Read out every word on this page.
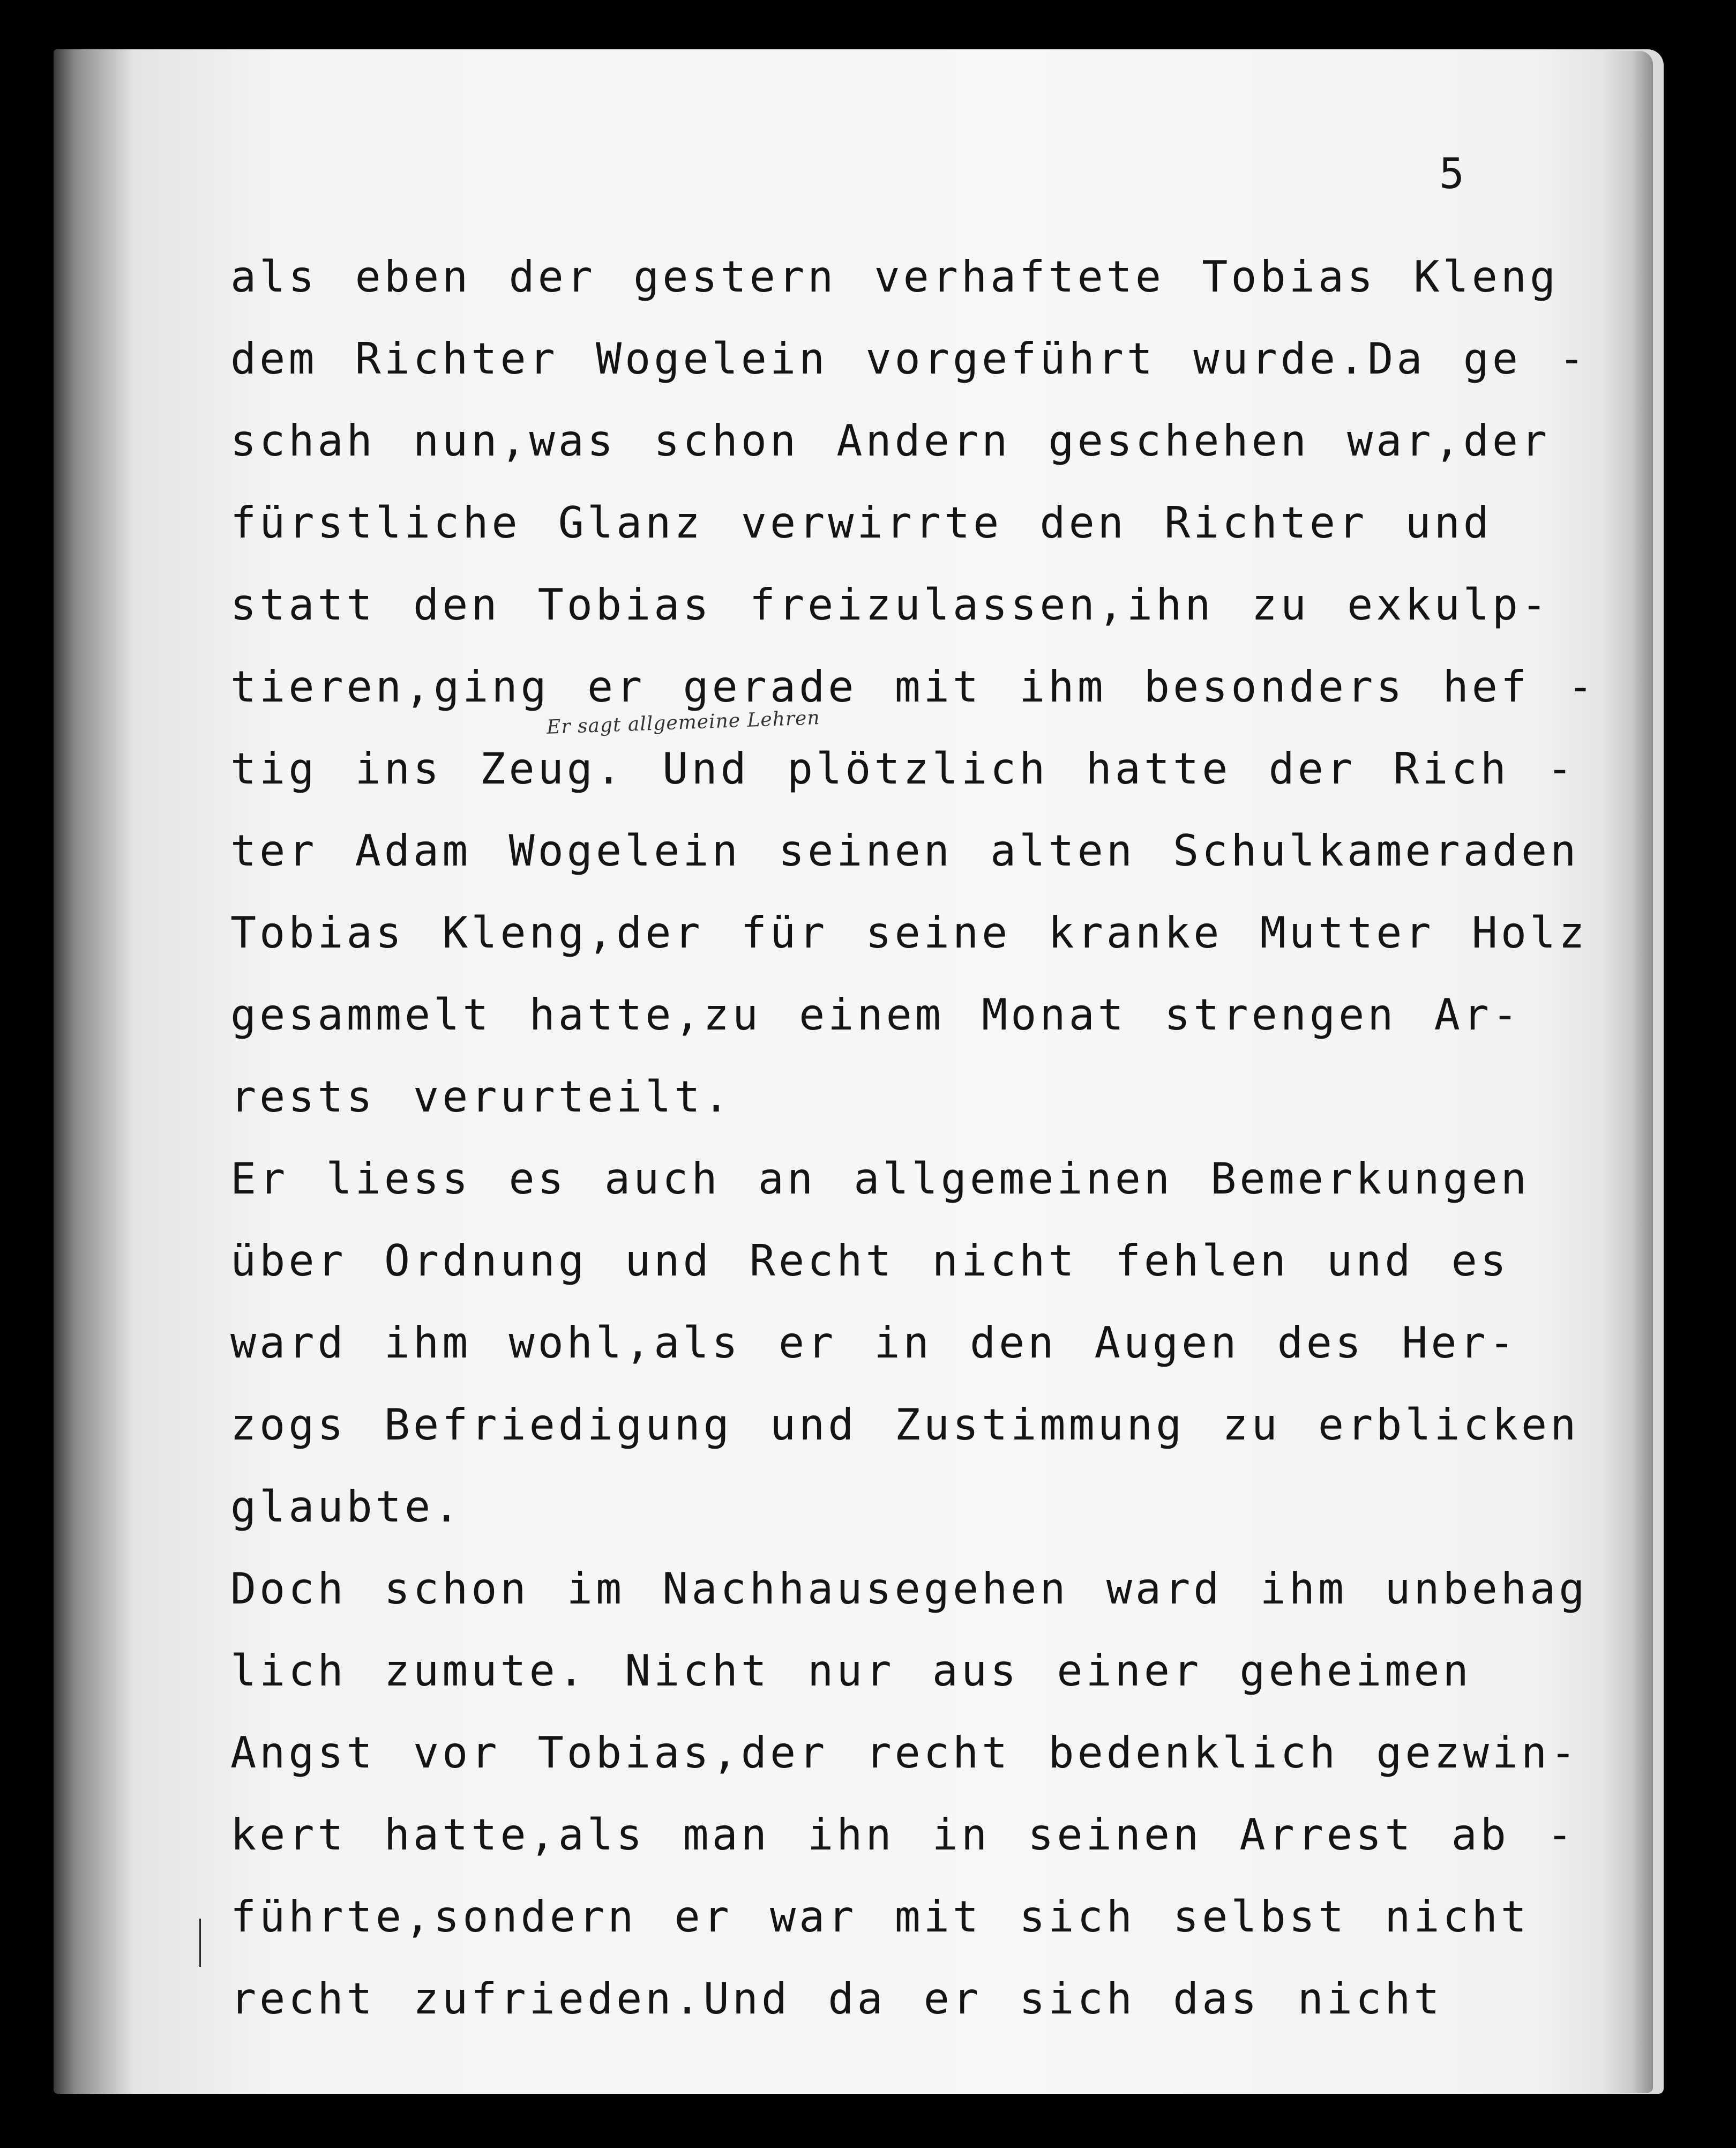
5
Er sagt allgemeine Lehren
als eben der gestern verhaftete Tobias Kleng
dem Richter Wogelein vorgeführt wurde.Da ge -
schah nun,was schon Andern geschehen war,der
fürstliche Glanz verwirrte den Richter und
statt den Tobias freizulassen,ihn zu exkulp-
tieren,ging er gerade mit ihm besonders hef -
tig ins Zeug. Und plötzlich hatte der Rich -
ter Adam Wogelein seinen alten Schulkameraden
Tobias Kleng,der für seine kranke Mutter Holz
gesammelt hatte,zu einem Monat strengen Ar-
rests verurteilt.
Er liess es auch an allgemeinen Bemerkungen
über Ordnung und Recht nicht fehlen und es
ward ihm wohl,als er in den Augen des Her-
zogs Befriedigung und Zustimmung zu erblicken
glaubte.
Doch schon im Nachhausegehen ward ihm unbehag
lich zumute. Nicht nur aus einer geheimen
Angst vor Tobias,der recht bedenklich gezwin-
kert hatte,als man ihn in seinen Arrest ab -
führte,sondern er war mit sich selbst nicht
recht zufrieden.Und da er sich das nicht
